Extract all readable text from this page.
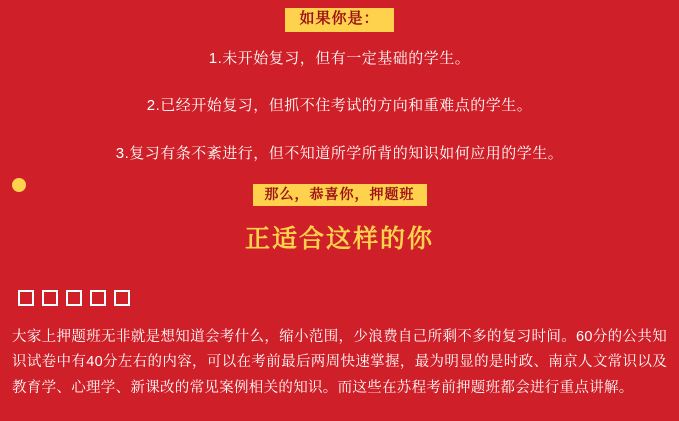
如果你是：

1.未开始复习，但有一定基础的学生。

2.已经开始复习，但抓不住考试的方向和重难点的学生。

3.复习有条不紊进行，但不知道所学所背的知识如何应用的学生。

那么，恭喜你，押题班
正适合这样的你
大家上押题班无非就是想知道会考什么，缩小范围，少浪费自己所剩不多的复习时间。60分的公共知识试卷中有40分左右的内容，可以在考前最后两周快速掌握，最为明显的是时政、南京人文常识以及教育学、心理学、新课改的常见案例相关的知识。而这些在苏程考前押题班都会进行重点讲解。
